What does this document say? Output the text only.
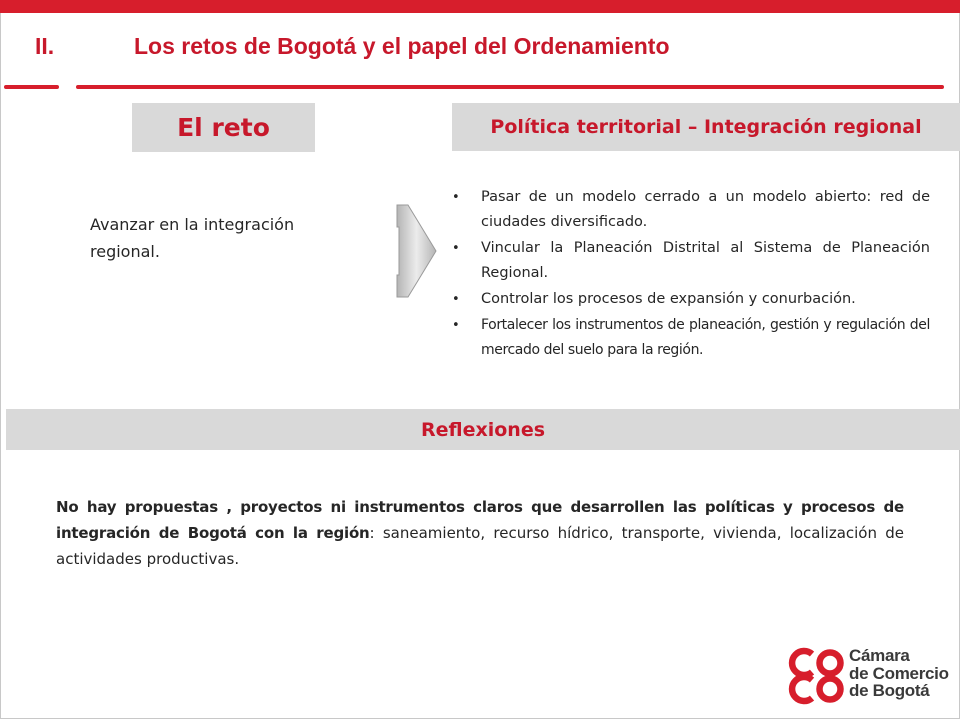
II.	Los retos de Bogotá y el papel del Ordenamiento
El reto	Política territorial – Integración regional
Avanzar en la integración regional.
• Pasar de un modelo cerrado a un modelo abierto: red de ciudades diversificado.
• Vincular la Planeación Distrital al Sistema de Planeación Regional.
• Controlar los procesos de expansión y conurbación.
• Fortalecer los instrumentos de planeación, gestión y regulación del mercado del suelo para la región.
Reflexiones
No hay propuestas , proyectos ni instrumentos claros que desarrollen las políticas y procesos de integración de Bogotá con la región: saneamiento, recurso hídrico, transporte, vivienda, localización de actividades productivas.
Cámara
de Comercio
de Bogotá
